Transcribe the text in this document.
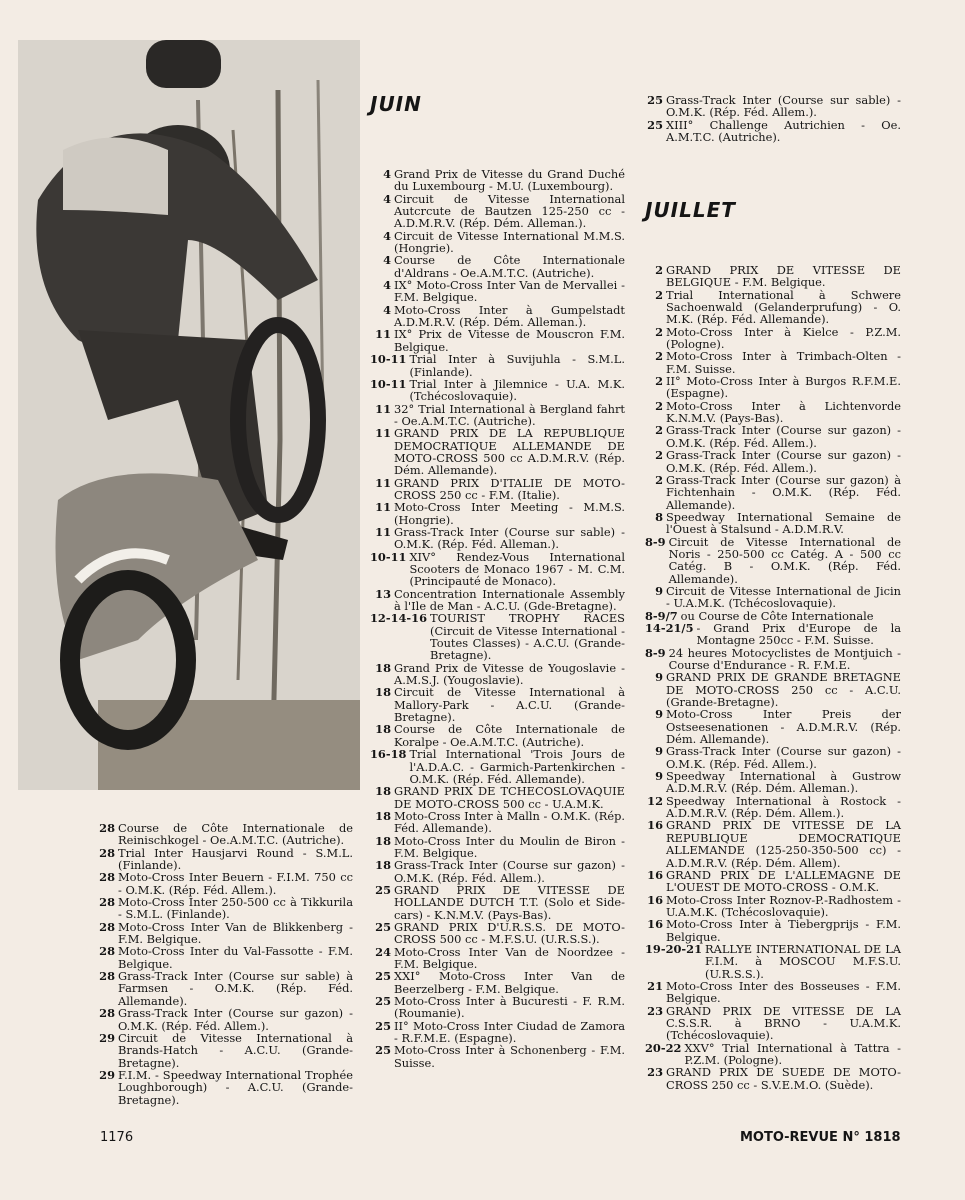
JUIN
JUILLET
28 Course de Côte Internationale de Reinischkogel - Oe.A.M.T.C. (Autriche).
28 Trial Inter Hausjarvi Round - S.M.L. (Finlande).
28 Moto-Cross Inter Beuern - F.I.M. 750 cc - O.M.K. (Rép. Féd. Allem.).
28 Moto-Cross Inter 250-500 cc à Tikkurila - S.M.L. (Finlande).
28 Moto-Cross Inter Van de Blikkenberg - F.M. Belgique.
28 Moto-Cross Inter du Val-Fassotte - F.M. Belgique.
28 Grass-Track Inter (Course sur sable) à Farmsen - O.M.K. (Rép. Féd. Allemande).
28 Grass-Track Inter (Course sur gazon) - O.M.K. (Rép. Féd. Allem.).
29 Circuit de Vitesse International à Brands-Hatch - A.C.U. (Grande-Bretagne).
29 F.I.M. - Speedway International Trophée Loughborough) - A.C.U. (Grande-Bretagne).
4 Grand Prix de Vitesse du Grand Duché du Luxembourg - M.U. (Luxembourg).
4 Circuit de Vitesse International Autcrcute de Bautzen 125-250 cc - A.D.M.R.V. (Rép. Dém. Alleman.).
4 Circuit de Vitesse International M.M.S. (Hongrie).
4 Course de Côte Internationale d'Aldrans - Oe.A.M.T.C. (Autriche).
4 IX° Moto-Cross Inter Van de Mervallei - F.M. Belgique.
4 Moto-Cross Inter à Gumpelstadt A.D.M.R.V. (Rép. Dém. Alleman.).
11 IX° Prix de Vitesse de Mouscron F.M. Belgique.
10-11 Trial Inter à Suvijuhla - S.M.L. (Finlande).
10-11 Trial Inter à Jilemnice - U.A. M.K. (Tchécoslovaquie).
11 32° Trial International à Bergland fahrt - Oe.A.M.T.C. (Autriche).
11 GRAND PRIX DE LA REPUBLIQUE DEMOCRATIQUE ALLEMANDE DE MOTO-CROSS 500 cc A.D.M.R.V. (Rép. Dém. Allemande).
11 GRAND PRIX D'ITALIE DE MOTO-CROSS 250 cc - F.M. (Italie).
11 Moto-Cross Inter Meeting - M.M.S. (Hongrie).
11 Grass-Track Inter (Course sur sable) - O.M.K. (Rép. Féd. Alleman.).
10-11 XIV° Rendez-Vous International Scooters de Monaco 1967 - M. C.M. (Principauté de Monaco).
13 Concentration Internationale Assembly à l'Ile de Man - A.C.U. (Gde-Bretagne).
12-14-16 TOURIST TROPHY RACES (Circuit de Vitesse International - Toutes Classes) - A.C.U. (Grande-Bretagne).
18 Grand Prix de Vitesse de Yougoslavie - A.M.S.J. (Yougoslavie).
18 Circuit de Vitesse International à Mallory-Park - A.C.U. (Grande-Bretagne).
18 Course de Côte Internationale de Koralpe - Oe.A.M.T.C. (Autriche).
16-18 Trial International 'Trois Jours de l'A.D.A.C. - Garmich-Partenkirchen - O.M.K. (Rép. Féd. Allemande).
18 GRAND PRIX DE TCHECOSLOVAQUIE DE MOTO-CROSS 500 cc - U.A.M.K.
18 Moto-Cross Inter à Malln - O.M.K. (Rép. Féd. Allemande).
18 Moto-Cross Inter du Moulin de Biron - F.M. Belgique.
18 Grass-Track Inter (Course sur gazon) - O.M.K. (Rép. Féd. Allem.).
25 GRAND PRIX DE VITESSE DE HOLLANDE DUTCH T.T. (Solo et Side-cars) - K.N.M.V. (Pays-Bas).
25 GRAND PRIX D'U.R.S.S. DE MOTO-CROSS 500 cc - M.F.S.U. (U.R.S.S.).
24 Moto-Cross Inter Van de Noordzee - F.M. Belgique.
25 XXI° Moto-Cross Inter Van de Beerzelberg - F.M. Belgique.
25 Moto-Cross Inter à Bucuresti - F. R.M. (Roumanie).
25 II° Moto-Cross Inter Ciudad de Zamora - R.F.M.E. (Espagne).
25 Moto-Cross Inter à Schonenberg - F.M. Suisse.
25 Grass-Track Inter (Course sur sable) - O.M.K. (Rép. Féd. Allem.).
25 XIII° Challenge Autrichien - Oe. A.M.T.C. (Autriche).
2 GRAND PRIX DE VITESSE DE BELGIQUE - F.M. Belgique.
2 Trial International à Schwere Sachoenwald (Gelanderprufung) - O. M.K. (Rép. Féd. Allemande).
2 Moto-Cross Inter à Kielce - P.Z.M. (Pologne).
2 Moto-Cross Inter à Trimbach-Olten - F.M. Suisse.
2 II° Moto-Cross Inter à Burgos R.F.M.E. (Espagne).
2 Moto-Cross Inter à Lichtenvorde K.N.M.V. (Pays-Bas).
2 Grass-Track Inter (Course sur gazon) - O.M.K. (Rép. Féd. Allem.).
2 Grass-Track Inter (Course sur gazon) - O.M.K. (Rép. Féd. Allem.).
2 Grass-Track Inter (Course sur gazon) à Fichtenhain - O.M.K. (Rép. Féd. Allemande).
8 Speedway International Semaine de l'Ouest à Stalsund - A.D.M.R.V.
8-9 Circuit de Vitesse International de Noris - 250-500 cc Catég. A - 500 cc Catég. B - O.M.K. (Rép. Féd. Allemande).
9 Circuit de Vitesse International de Jicin - U.A.M.K. (Tchécoslovaquie).
8-9/7 ou Course de Côte Internationale
14-21/5 - Grand Prix d'Europe de la Montagne 250cc - F.M. Suisse.
8-9 24 heures Motocyclistes de Montjuich - Course d'Endurance - R. F.M.E.
9 GRAND PRIX DE GRANDE BRETAGNE DE MOTO-CROSS 250 cc - A.C.U. (Grande-Bretagne).
9 Moto-Cross Inter Preis der Ostseesenationen - A.D.M.R.V. (Rép. Dém. Allemande).
9 Grass-Track Inter (Course sur gazon) - O.M.K. (Rép. Féd. Allem.).
9 Speedway International à Gustrow A.D.M.R.V. (Rép. Dém. Alleman.).
12 Speedway International à Rostock - A.D.M.R.V. (Rép. Dém. Allem.).
16 GRAND PRIX DE VITESSE DE LA REPUBLIQUE DEMOCRATIQUE ALLEMANDE (125-250-350-500 cc) - A.D.M.R.V. (Rép. Dém. Allem).
16 GRAND PRIX DE L'ALLEMAGNE DE L'OUEST DE MOTO-CROSS - O.M.K.
16 Moto-Cross Inter Roznov-P.-Radhostem - U.A.M.K. (Tchécoslovaquie).
16 Moto-Cross Inter à Tiebergprijs - F.M. Belgique.
19-20-21 RALLYE INTERNATIONAL DE LA F.I.M. à MOSCOU M.F.S.U. (U.R.S.S.).
21 Moto-Cross Inter des Bosseuses - F.M. Belgique.
23 GRAND PRIX DE VITESSE DE LA C.S.S.R. à BRNO - U.A.M.K. (Tchécoslovaquie).
20-22 XXV° Trial International à Tattra - P.Z.M. (Pologne).
23 GRAND PRIX DE SUEDE DE MOTO-CROSS 250 cc - S.V.E.M.O. (Suède).
1176	MOTO-REVUE N° 1818
